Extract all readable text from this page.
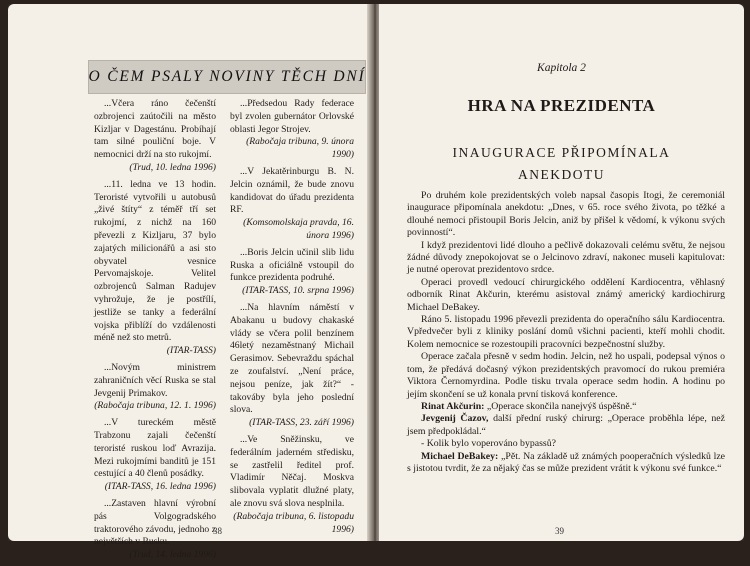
O ČEM PSALY NOVINY TĚCH DNÍ

...Včera ráno čečenští ozbrojenci zaútočili na město Kizljar v Dagestánu. Probíhají tam silné pouliční boje. V nemocnici drží na sto rukojmí.

(Trud, 10. ledna 1996)

...11. ledna ve 13 hodin. Teroristé vytvořili u autobusů „živé štíty“ z téměř tří set rukojmí, z nichž na 160 převezli z Kizljaru, 37 bylo zajatých milicionářů a asi sto obyvatel vesnice Pervomajskoje. Velitel ozbrojenců Salman Radujev vyhrožuje, že je postřílí, jestliže se tanky a federální vojska přiblíží do vzdálenosti méně než sto metrů.

(ITAR-TASS)

...Novým ministrem zahraničních věcí Ruska se stal Jevgenij Primakov.

(Rabočaja tribuna, 12. 1. 1996)

...V tureckém městě Trabzonu zajali čečenští teroristé ruskou loď Avrazija. Mezi rukojmími banditů je 151 cestující a 40 členů posádky.

(ITAR-TASS, 16. ledna 1996)

...Zastaven hlavní výrobní pás Volgogradského traktorového závodu, jednoho z největších v Rusku.

(Trud, 14. ledna 1996)

...Předsedou Rady federace byl zvolen gubernátor Orlovské oblasti Jegor Strojev.

(Rabočaja tribuna, 9. února 1990)

...V Jekatěrinburgu B. N. Jelcin oznámil, že bude znovu kandidovat do úřadu prezidenta RF.

(Komsomolskaja pravda, 16. února 1996)

...Boris Jelcin učinil slib lidu Ruska a oficiálně vstoupil do funkce prezidenta podruhé.

(ITAR-TASS, 10. srpna 1996)

...Na hlavním náměstí v Abakanu u budovy chakaské vlády se včera polil benzínem 46letý nezaměstnaný Michail Gerasimov. Sebevraždu spáchal ze zoufalství. „Není práce, nejsou peníze, jak žít?“ - takováby byla jeho poslední slova.

(ITAR-TASS, 23. září 1996)

...Ve Sněžinsku, ve federálním jaderném středisku, se zastřelil ředitel prof. Vladimír Něčaj. Moskva slibovala vyplatit dlužné platy, ale znovu svá slova nesplnila.

(Rabočaja tribuna, 6. listopadu 1996)
38
Kapitola 2
HRA NA PREZIDENTA
INAUGURACE PŘIPOMÍNALA
ANEKDOTU

Po druhém kole prezidentských voleb napsal časopis Itogi, že ceremoniál inaugurace připomínala anekdotu: „Dnes, v 65. roce svého života, po těžké a dlouhé nemoci přistoupil Boris Jelcin, aniž by přišel k vědomí, k výkonu svých povinností“.

I když prezidentovi lidé dlouho a pečlivě dokazovali celému světu, že nejsou žádné důvody znepokojovat se o Jelcinovo zdraví, nakonec museli kapitulovat: je nutné operovat prezidentovo srdce.

Operaci provedl vedoucí chirurgického oddělení Kardiocentra, věhlasný odborník Rinat Akčurin, kterému asistoval známý americký kardiochirurg Michael DeBakey.

Ráno 5. listopadu 1996 převezli prezidenta do operačního sálu Kardiocentra. Vpředvečer byli z kliniky poslání domů všichni pacienti, kteří mohli chodit. Kolem nemocnice se rozestoupili pracovníci bezpečnostní služby.

Operace začala přesně v sedm hodin. Jelcin, než ho uspali, podepsal výnos o tom, že předává dočasný výkon prezidentských pravomocí do rukou premiéra Viktora Černomyrdina. Podle tisku trvala operace sedm hodin. A hodinu po jejím skončení se už konala první tisková konference.

Rinat Akčurin: „Operace skončila nanejvýš úspěšně.“

Jevgenij Čazov, další přední ruský chirurg: „Operace proběhla lépe, než jsem předpokládal.“

- Kolik bylo voperováno bypassů?

Michael DeBakey: „Pět. Na základě už známých pooperačních výsledků lze s jistotou tvrdit, že za nějaký čas se může prezident vrátit k výkonu své funkce.“

39
